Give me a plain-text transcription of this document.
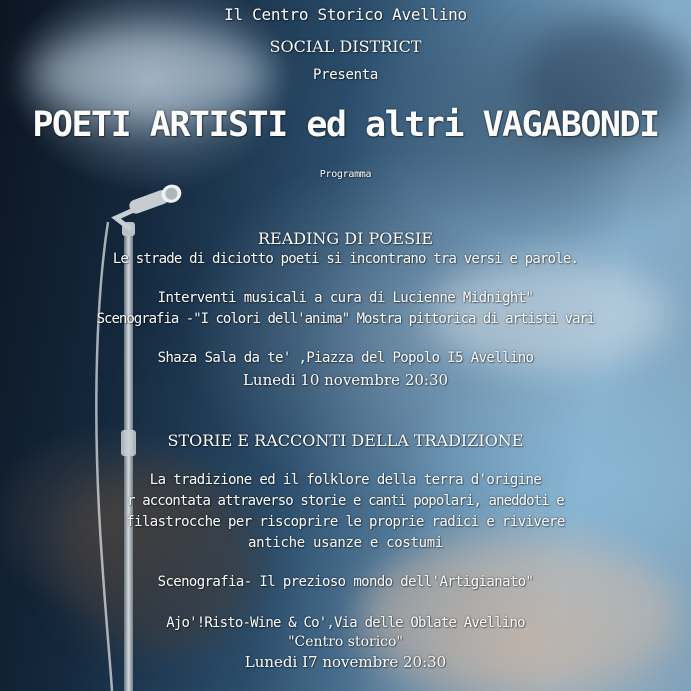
Il Centro Storico Avellino
SOCIAL DISTRICT
Presenta
POETI ARTISTI ed altri VAGABONDI
Programma
READING DI POESIE
Le strade di diciotto poeti si incontrano tra versi e parole.
Interventi musicali a cura di Lucienne Midnight"
Scenografia -"I colori dell'anima" Mostra pittorica di artisti vari
Shaza Sala da te' ,Piazza del Popolo I5 Avellino
Lunedi 10 novembre 20:30
STORIE E RACCONTI DELLA TRADIZIONE
La tradizione ed il folklore della terra d'origine
r accontata attraverso storie e canti popolari, aneddoti e
filastrocche per riscoprire le proprie radici e rivivere
antiche usanze e costumi
Scenografia- Il prezioso mondo dell'Artigianato"
Ajo'!Risto-Wine & Co',Via delle Oblate Avellino
"Centro storico"
Lunedi I7 novembre 20:30
